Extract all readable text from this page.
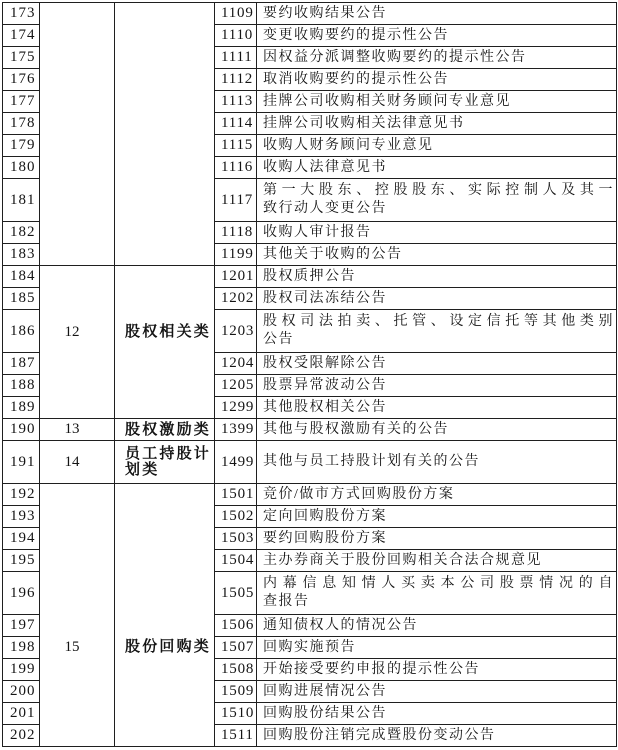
173			1109	要约收购结果公告
174			1110	变更收购要约的提示性公告
175			1111	因权益分派调整收购要约的提示性公告
176			1112	取消收购要约的提示性公告
177			1113	挂牌公司收购相关财务顾问专业意见
178			1114	挂牌公司收购相关法律意见书
179			1115	收购人财务顾问专业意见
180			1116	收购人法律意见书
181			1117	第一大股东、控股股东、实际控制人及其一
致行动人变更公告

182			1118	收购人审计报告
183			1199	其他关于收购的公告
184	12	股权相关类	1201	股权质押公告
185			1202	股权司法冻结公告
186			1203	股权司法拍卖、托管、设定信托等其他类别
公告

187			1204	股权受限解除公告
188			1205	股票异常波动公告
189			1299	其他股权相关公告
190	13	股权激励类	1399	其他与股权激励有关的公告
191	14	员工持股计划类	1499	其他与员工持股计划有关的公告
192	15	股份回购类	1501	竞价/做市方式回购股份方案
193			1502	定向回购股份方案
194			1503	要约回购股份方案
195			1504	主办券商关于股份回购相关合法合规意见
196			1505	内幕信息知情人买卖本公司股票情况的自
查报告

197			1506	通知债权人的情况公告
198			1507	回购实施预告
199			1508	开始接受要约申报的提示性公告
200			1509	回购进展情况公告
201			1510	回购股份结果公告
202			1511	回购股份注销完成暨股份变动公告
